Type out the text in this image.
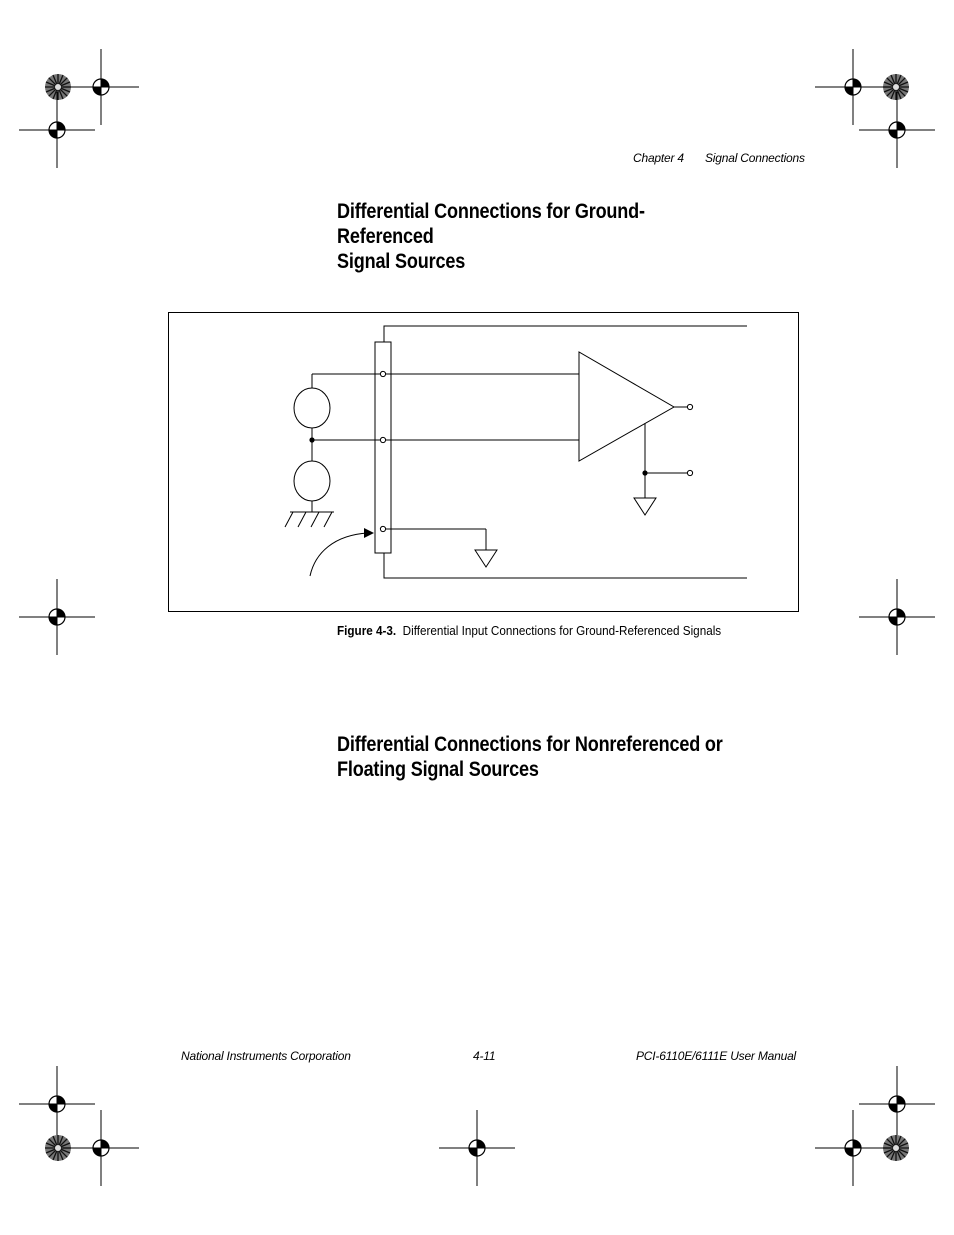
Chapter 4 Signal Connections
Differential Connections for Ground-Referenced
Signal Sources
Figure 4-3. Differential Input Connections for Ground-Referenced Signals
Differential Connections for Nonreferenced or
Floating Signal Sources
National Instruments Corporation	4-11	PCI-6110E/6111E User Manual
